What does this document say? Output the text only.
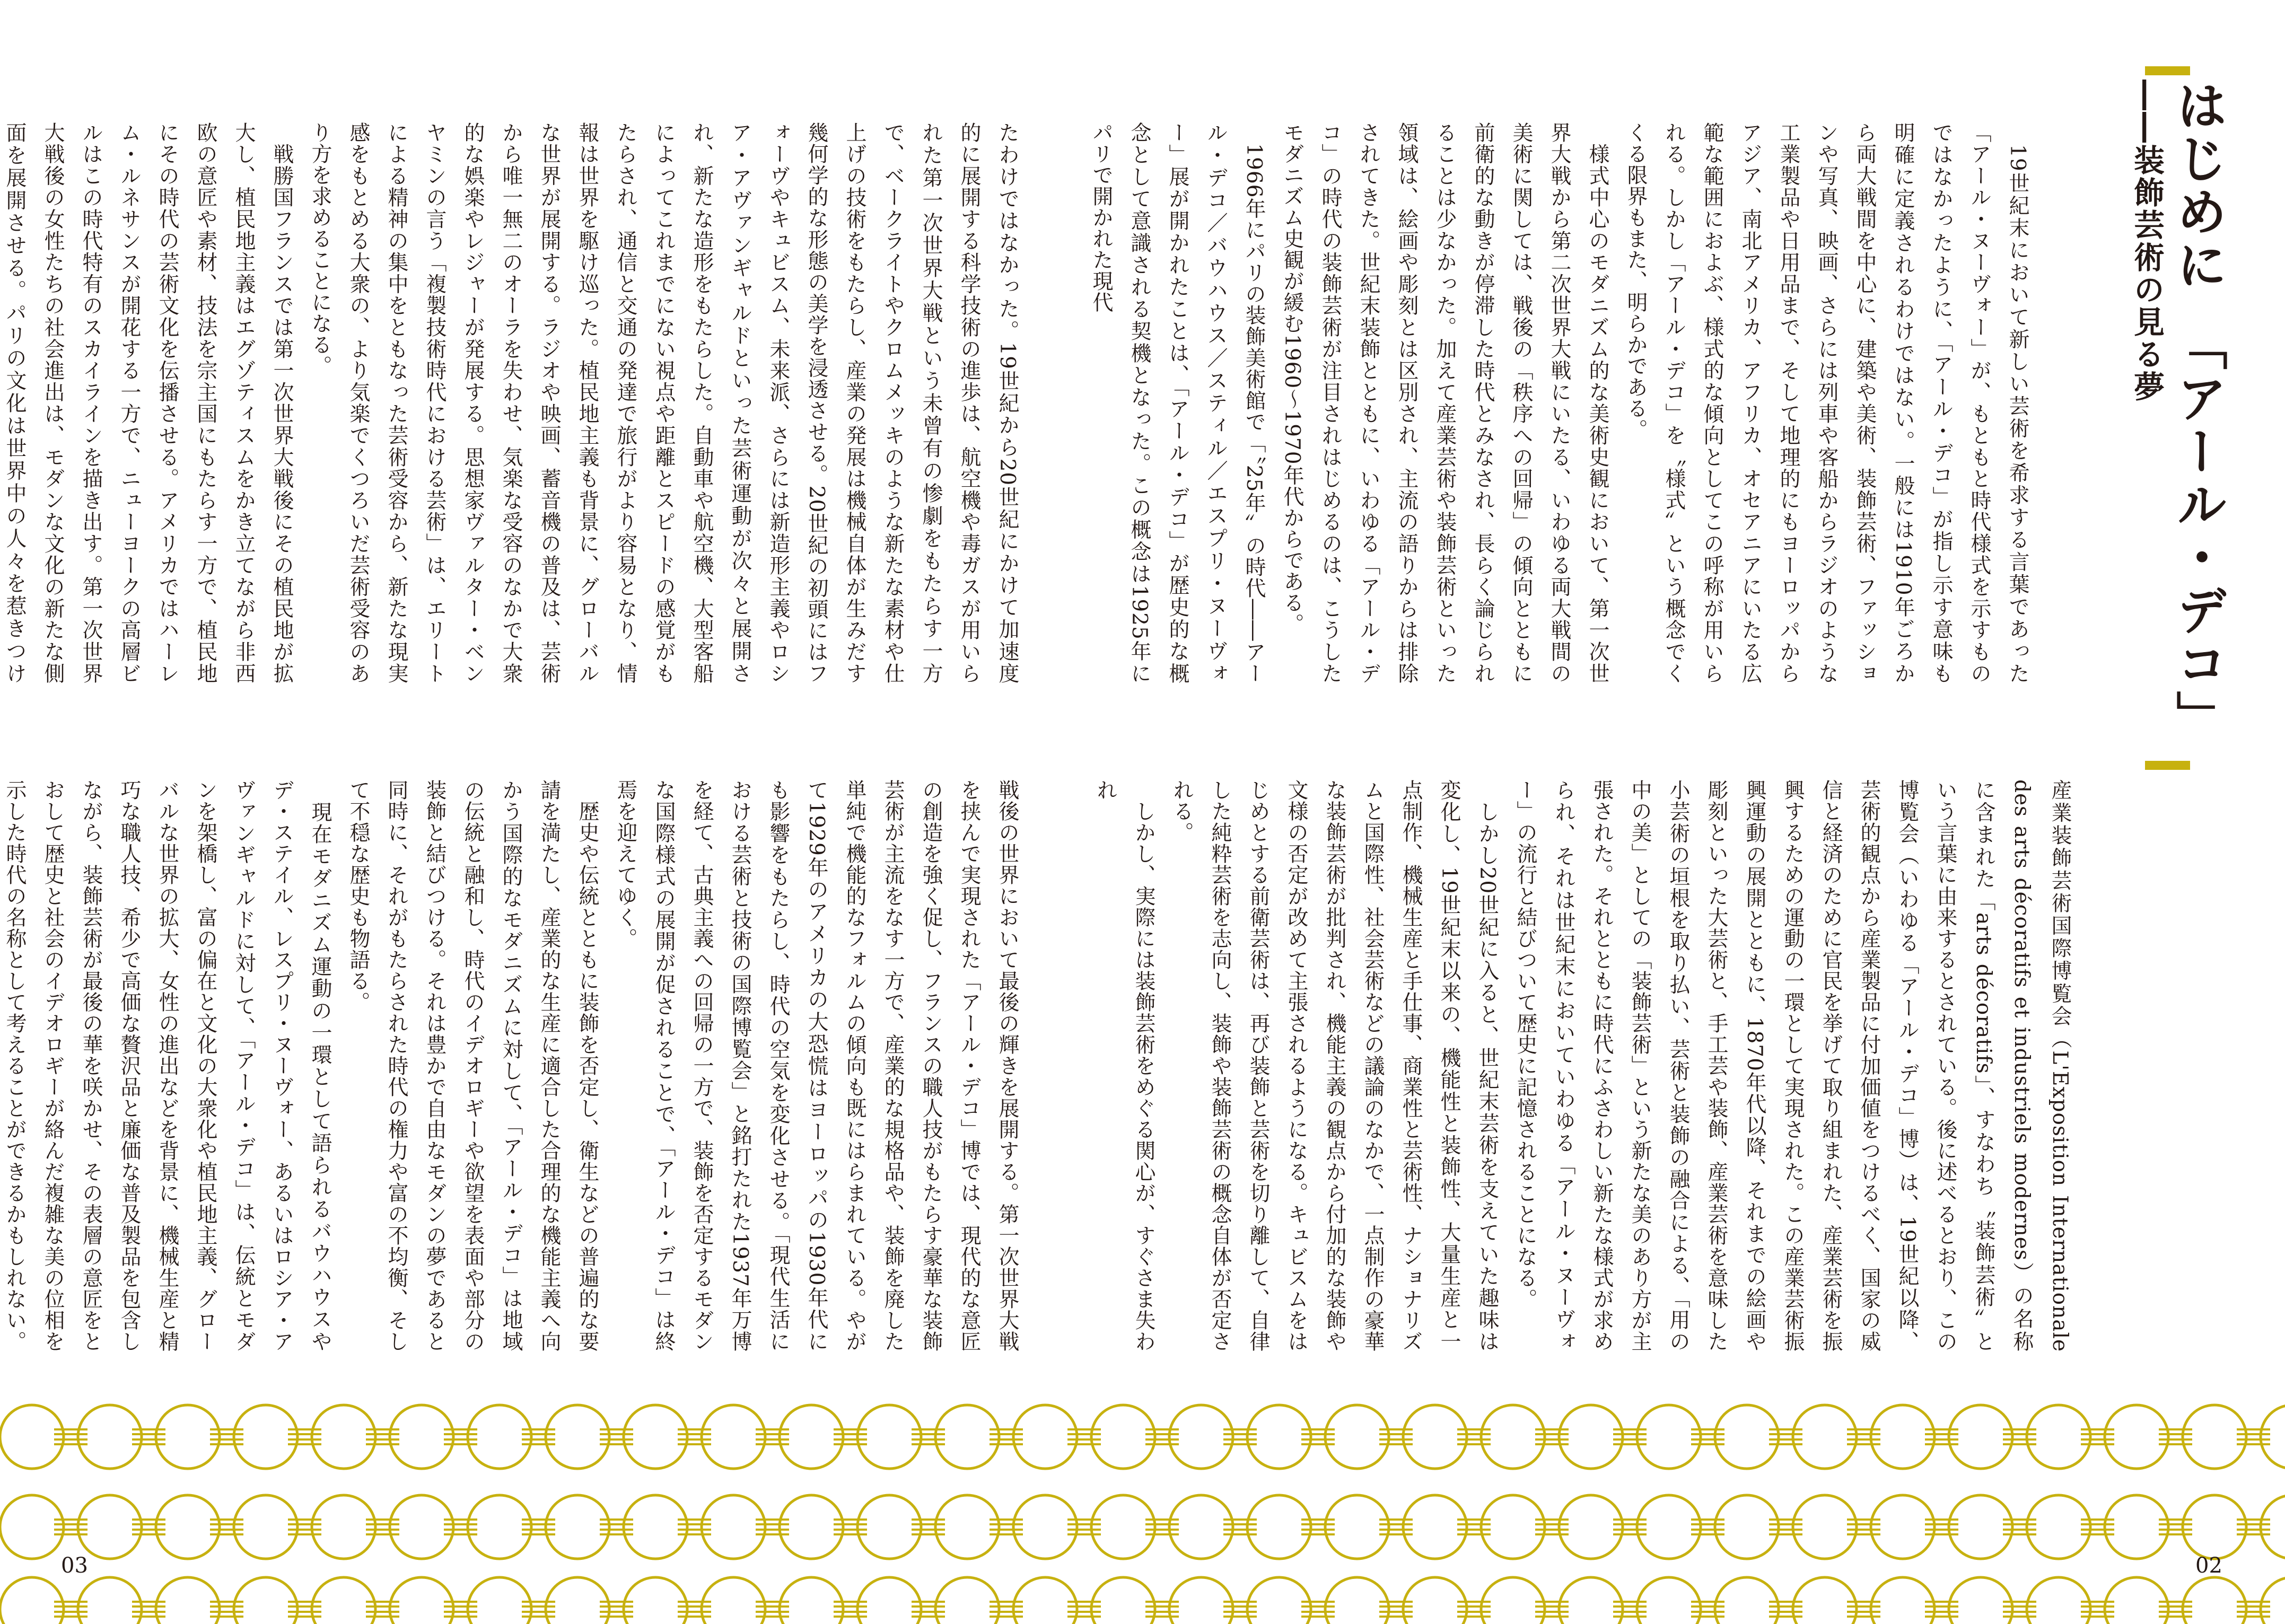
はじめに　「アール・デコ」――装飾芸術の見る夢
　19世紀末において新しい芸術を希求する言葉であった「アール・ヌーヴォー」が、もともと時代様式を示すものではなかったように、「アール・デコ」が指し示す意味も明確に定義されるわけではない。一般には1910年ごろから両大戦間を中心に、建築や美術、装飾芸術、ファッションや写真、映画、さらには列車や客船からラジオのような工業製品や日用品まで、そして地理的にもヨーロッパからアジア、南北アメリカ、アフリカ、オセアニアにいたる広範な範囲におよぶ、様式的な傾向としてこの呼称が用いられる。しかし「アール・デコ」を〝様式〟という概念でくくる限界もまた、明らかである。
　様式中心のモダニズム的な美術史観において、第一次世界大戦から第二次世界大戦にいたる、いわゆる両大戦間の美術に関しては、戦後の「秩序への回帰」の傾向とともに前衛的な動きが停滞した時代とみなされ、長らく論じられることは少なかった。加えて産業芸術や装飾芸術といった領域は、絵画や彫刻とは区別され、主流の語りからは排除されてきた。世紀末装飾とともに、いわゆる「アール・デコ」の時代の装飾芸術が注目されはじめるのは、こうしたモダニズム史観が緩む1960～1970年代からである。
　1966年にパリの装飾美術館で「〝25年〟の時代――アール・デコ／バウハウス／スティル／エスプリ・ヌーヴォー」展が開かれたことは、「アール・デコ」が歴史的な概念として意識される契機となった。この概念は1925年にパリで開かれた現代
産業装飾芸術国際博覧会（L'Exposition Internationale des arts décoratifs et industriels modernes）の名称に含まれた「arts décoratifs」、すなわち〝装飾芸術〟という言葉に由来するとされている。後に述べるとおり、この博覧会（いわゆる「アール・デコ」博）は、19世紀以降、芸術的観点から産業製品に付加価値をつけるべく、国家の威信と経済のために官民を挙げて取り組まれた、産業芸術を振興するための運動の一環として実現された。この産業芸術振興運動の展開とともに、1870年代以降、それまでの絵画や彫刻といった大芸術と、手工芸や装飾、産業芸術を意味した小芸術の垣根を取り払い、芸術と装飾の融合による、「用の中の美」としての「装飾芸術」という新たな美のあり方が主張された。それとともに時代にふさわしい新たな様式が求められ、それは世紀末においていわゆる「アール・ヌーヴォー」の流行と結びついて歴史に記憶されることになる。
　しかし20世紀に入ると、世紀末芸術を支えていた趣味は変化し、19世紀末以来の、機能性と装飾性、大量生産と一点制作、機械生産と手仕事、商業性と芸術性、ナショナリズムと国際性、社会芸術などの議論のなかで、一点制作の豪華な装飾芸術が批判され、機能主義の観点から付加的な装飾や文様の否定が改めて主張されるようになる。キュビスムをはじめとする前衛芸術は、再び装飾と芸術を切り離して、自律した純粋芸術を志向し、装飾や装飾芸術の概念自体が否定される。
　しかし、実際には装飾芸術をめぐる関心が、すぐさま失われ
たわけではなかった。19世紀から20世紀にかけて加速度的に展開する科学技術の進歩は、航空機や毒ガスが用いられた第一次世界大戦という未曾有の惨劇をもたらす一方で、ベークライトやクロムメッキのような新たな素材や仕上げの技術をもたらし、産業の発展は機械自体が生みだす幾何学的な形態の美学を浸透させる。20世紀の初頭にはフォーヴやキュビスム、未来派、さらには新造形主義やロシア・アヴァンギャルドといった芸術運動が次々と展開され、新たな造形をもたらした。自動車や航空機、大型客船によってこれまでにない視点や距離とスピードの感覚がもたらされ、通信と交通の発達で旅行がより容易となり、情報は世界を駆け巡った。植民地主義も背景に、グローバルな世界が展開する。ラジオや映画、蓄音機の普及は、芸術から唯一無二のオーラを失わせ、気楽な受容のなかで大衆的な娯楽やレジャーが発展する。思想家ヴァルター・ベンヤミンの言う「複製技術時代における芸術」は、エリートによる精神の集中をともなった芸術受容から、新たな現実感をもとめる大衆の、より気楽でくつろいだ芸術受容のあり方を求めることになる。
　戦勝国フランスでは第一次世界大戦後にその植民地が拡大し、植民地主義はエグゾティスムをかき立てながら非西欧の意匠や素材、技法を宗主国にもたらす一方で、植民地にその時代の芸術文化を伝播させる。アメリカではハーレム・ルネサンスが開花する一方で、ニューヨークの高層ビルはこの時代特有のスカイラインを描き出す。第一次世界大戦後の女性たちの社会進出は、モダンな文化の新たな側面を展開させる。パリの文化は世界中の人々を惹きつけ

戦後の世界において最後の輝きを展開する。第一次世界大戦を挟んで実現された「アール・デコ」博では、現代的な意匠の創造を強く促し、フランスの職人技がもたらす豪華な装飾芸術が主流をなす一方で、産業的な規格品や、装飾を廃した単純で機能的なフォルムの傾向も既にはらまれている。やがて1929年のアメリカの大恐慌はヨーロッパの1930年代にも影響をもたらし、時代の空気を変化させる。「現代生活における芸術と技術の国際博覧会」と銘打たれた1937年万博を経て、古典主義への回帰の一方で、装飾を否定するモダンな国際様式の展開が促されることで、「アール・デコ」は終焉を迎えてゆく。
　歴史や伝統とともに装飾を否定し、衛生などの普遍的な要請を満たし、産業的な生産に適合した合理的な機能主義へ向かう国際的なモダニズムに対して、「アール・デコ」は地域の伝統と融和し、時代のイデオロギーや欲望を表面や部分の装飾と結びつける。それは豊かで自由なモダンの夢であると同時に、それがもたらされた時代の権力や富の不均衡、そして不穏な歴史も物語る。
　現在モダニズム運動の一環として語られるバウハウスやデ・ステイル、レスプリ・ヌーヴォー、あるいはロシア・アヴァンギャルドに対して、「アール・デコ」は、伝統とモダンを架橋し、富の偏在と文化の大衆化や植民地主義、グローバルな世界の拡大、女性の進出などを背景に、機械生産と精巧な職人技、希少で高価な贅沢品と廉価な普及製品を包含しながら、装飾芸術が最後の華を咲かせ、その表層の意匠をとおして歴史と社会のイデオロギーが絡んだ複雑な美の位相を示した時代の名称として考えることができるかもしれない。
03	02
